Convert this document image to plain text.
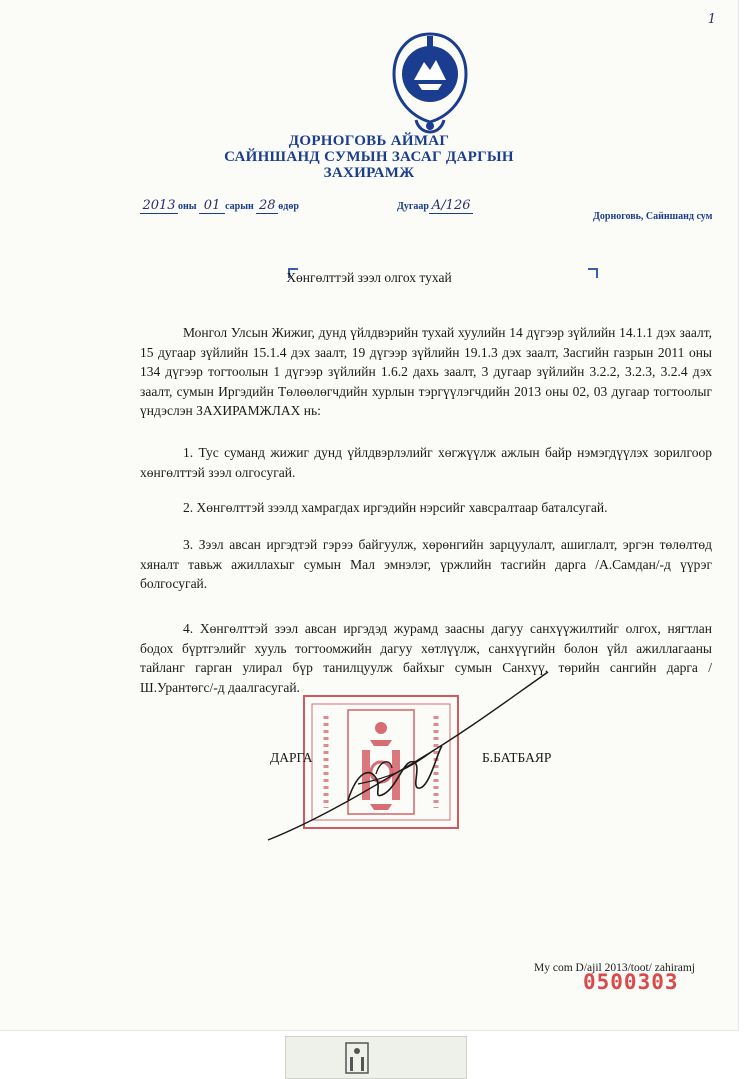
1
ДОРНОГОВЬ АЙМАГ
САЙНШАНД СУМЫН ЗАСАГ ДАРГЫН
ЗАХИРАМЖ
2013 оны 01 сарын 28 өдөр	Дугаар А/126
Дорноговь, Сайншанд сум
Хөнгөлттэй зээл олгох тухай
Монгол Улсын Жижиг, дунд үйлдвэрийн тухай хуулийн 14 дүгээр зүйлийн 14.1.1 дэх заалт, 15 дугаар зүйлийн 15.1.4 дэх заалт, 19 дүгээр зүйлийн 19.1.3 дэх заалт, Засгийн газрын 2011 оны 134 дүгээр тогтоолын 1 дүгээр зүйлийн 1.6.2 дахь заалт, 3 дугаар зүйлийн 3.2.2, 3.2.3, 3.2.4 дэх заалт, сумын Иргэдийн Төлөөлөгчдийн хурлын тэргүүлэгчдийн 2013 оны 02, 03 дугаар тогтоолыг үндэслэн ЗАХИРАМЖЛАХ нь:
1. Тус суманд жижиг дунд үйлдвэрлэлийг хөгжүүлж ажлын байр нэмэгдүүлэх зорилгоор хөнгөлттэй зээл олгосугай.
2. Хөнгөлттэй зээлд хамрагдах иргэдийн нэрсийг хавсралтаар баталсугай.
3. Зээл авсан иргэдтэй гэрээ байгуулж, хөрөнгийн зарцуулалт, ашиглалт, эргэн төлөлтөд хяналт тавьж ажиллахыг сумын Мал эмнэлэг, үржлийн тасгийн дарга /А.Самдан/-д үүрэг болгосугай.
4. Хөнгөлттэй зээл авсан иргэдэд журамд заасны дагуу санхүүжилтийг олгох, нягтлан бодох бүртгэлийг хууль тогтоомжийн дагуу хөтлүүлж, санхүүгийн болон үйл ажиллагааны тайланг гарган улирал бүр танилцуулж байхыг сумын Санхүү, төрийн сангийн дарга /Ш.Урантөгс/-д даалгасугай.
ДАРГА	Б.БАТБАЯР
My com D/ajil 2013/toot/ zahiramj
0500303
